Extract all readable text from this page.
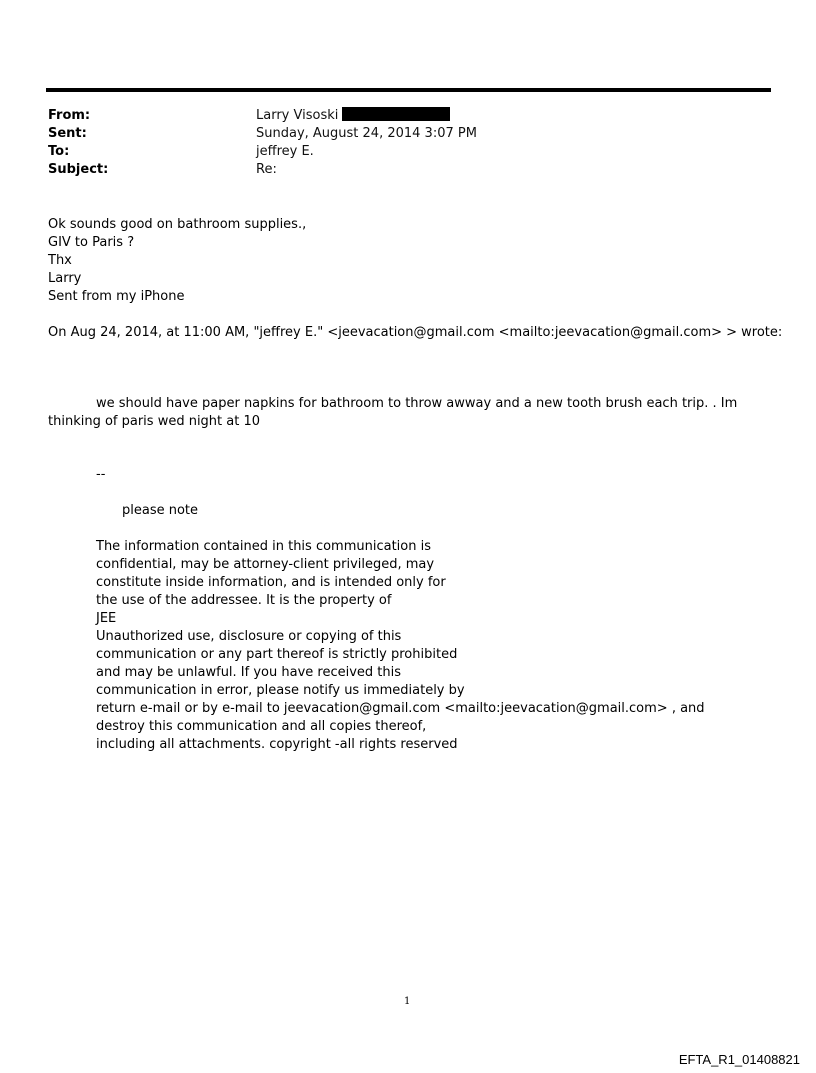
From:	Larry Visoski
Sent:	Sunday, August 24, 2014 3:07 PM
To:	jeffrey E.
Subject:	Re:
Ok sounds good on bathroom supplies.,
GIV to Paris ?
Thx
Larry
Sent from my iPhone
On Aug 24, 2014, at 11:00 AM, "jeffrey E." <jeevacation@gmail.com <mailto:jeevacation@gmail.com> > wrote:
we should have paper napkins for bathroom to throw awway and a new tooth brush each trip. . Im thinking of paris wed night at 10
--
please note
The information contained in this communication is
confidential, may be attorney-client privileged, may
constitute inside information, and is intended only for
the use of the addressee. It is the property of
JEE
Unauthorized use, disclosure or copying of this
communication or any part thereof is strictly prohibited
and may be unlawful. If you have received this
communication in error, please notify us immediately by
return e-mail or by e-mail to jeevacation@gmail.com <mailto:jeevacation@gmail.com> , and
destroy this communication and all copies thereof,
including all attachments. copyright -all rights reserved
1
EFTA_R1_01408821
